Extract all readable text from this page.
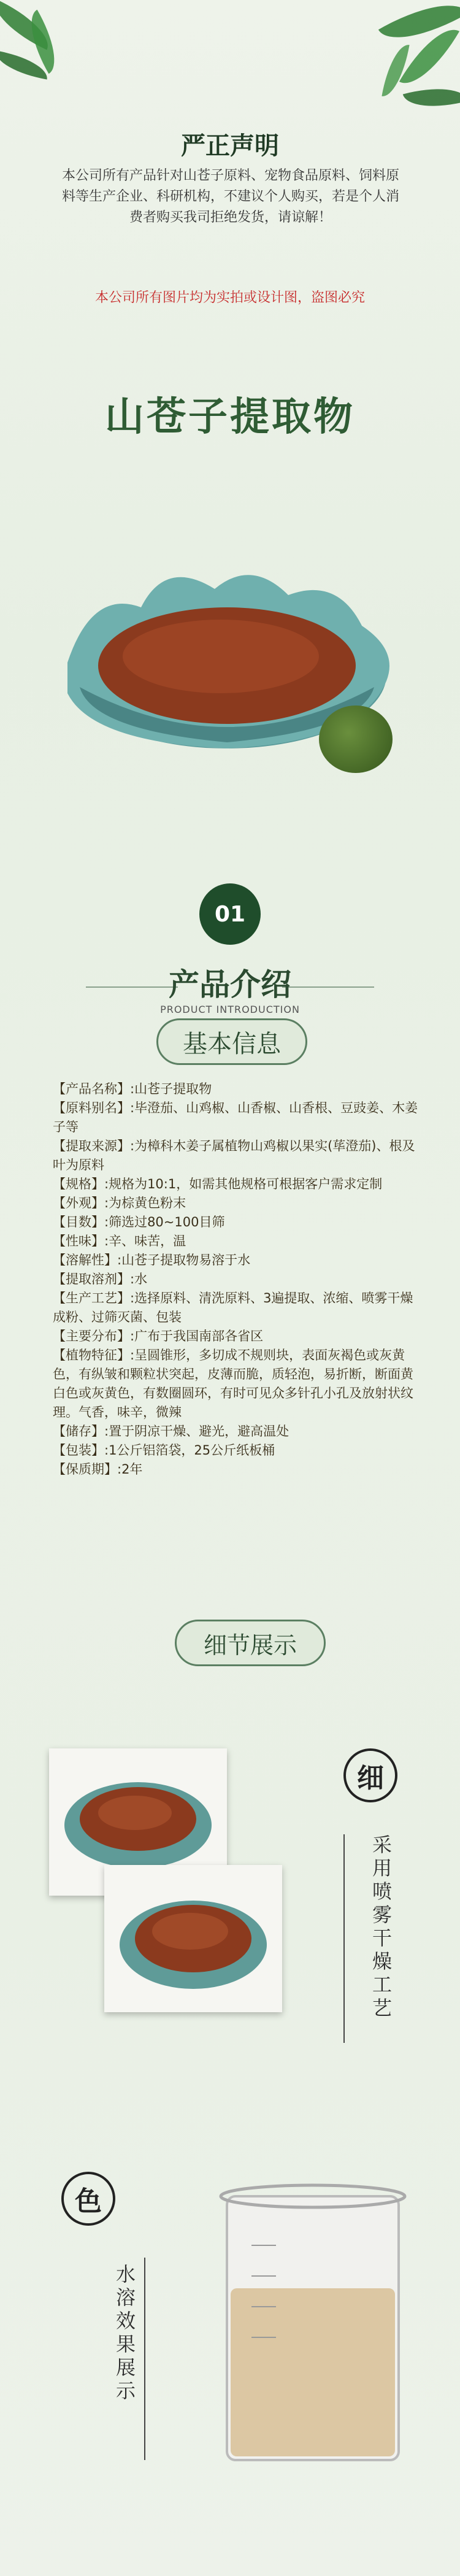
严正声明
本公司所有产品针对山苍子原料、宠物食品原料、饲料原料等生产企业、科研机构，不建议个人购买，若是个人消费者购买我司拒绝发货，请谅解！
本公司所有图片均为实拍或设计图，盗图必究
山苍子提取物
01
产品介绍
PRODUCT INTRODUCTION
基本信息

【产品名称】:山苍子提取物

【原料别名】:毕澄茄、山鸡椒、山香椒、山香根、豆豉姜、木姜子等

【提取来源】:为樟科木姜子属植物山鸡椒以果实(荜澄茄)、根及叶为原料

【规格】:规格为10:1，如需其他规格可根据客户需求定制

【外观】:为棕黄色粉末

【目数】:筛选过80~100目筛

【性味】:辛、味苦，温

【溶解性】:山苍子提取物易溶于水

【提取溶剂】:水

【生产工艺】:选择原料、清洗原料、3遍提取、浓缩、喷雾干燥成粉、过筛灭菌、包装

【主要分布】:广布于我国南部各省区

【植物特征】:呈圆锥形，多切成不规则块，表面灰褐色或灰黄色，有纵皱和颗粒状突起，皮薄而脆，质轻泡，易折断，断面黄白色或灰黄色，有数圈圆环，有时可见众多针孔小孔及放射状纹理。气香，味辛，微辣

【储存】:置于阴凉干燥、避光，避高温处

【包装】:1公斤铝箔袋，25公斤纸板桶

【保质期】:2年

细节展示
细
采用喷雾干燥工艺
色
水溶效果展示
